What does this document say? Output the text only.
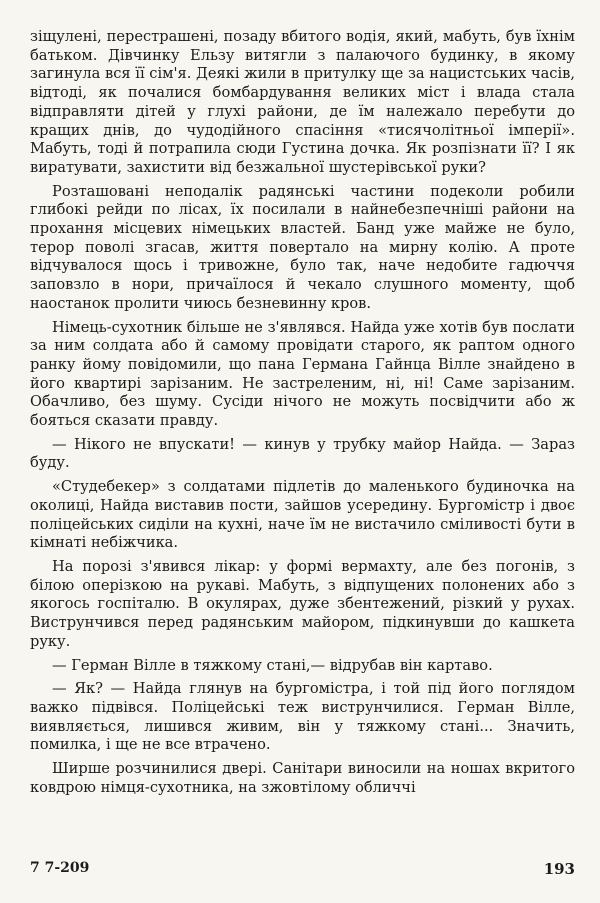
зіщулені, перестрашені, позаду вбитого водія, який, мабуть, був їхнім батьком. Дівчинку Ельзу витягли з палаючого будинку, в якому загинула вся її сім'я. Деякі жили в притулку ще за нацистських часів, відтоді, як почалися бомбардування великих міст і влада стала відправляти дітей у глухі райони, де їм належало перебути до кращих днів, до чудодійного спасіння «тисячолітньої імперії». Мабуть, тоді й потрапила сюди Густина дочка. Як розпізнати її? І як виратувати, захистити від безжальної шустерівської руки?

Розташовані неподалік радянські частини подеколи робили глибокі рейди по лісах, їх посилали в найнебезпечніші райони на прохання місцевих німецьких властей. Банд уже майже не було, терор поволі згасав, життя повертало на мирну колію. А проте відчувалося щось і тривожне, було так, наче недобите гадюччя заповзло в нори, причаїлося й чекало слушного моменту, щоб наостанок пролити чиюсь безневинну кров.

Німець-сухотник більше не з'являвся. Найда уже хотів був послати за ним солдата або й самому провідати старого, як раптом одного ранку йому повідомили, що пана Германа Гайнца Вілле знайдено в його квартирі зарізаним. Не застреленим, ні, ні! Саме зарізаним. Обачливо, без шуму. Сусіди нічого не можуть посвідчити або ж бояться сказати правду.

— Нікого не впускати! — кинув у трубку майор Найда. — Зараз буду.

«Студебекер» з солдатами підлетів до маленького будиночка на околиці, Найда виставив пости, зайшов усередину. Бургомістр і двоє поліцейських сиділи на кухні, наче їм не вистачило сміливості бути в кімнаті небіжчика.

На порозі з'явився лікар: у формі вермахту, але без погонів, з білою оперізкою на рукаві. Мабуть, з відпущених полонених або з якогось госпіталю. В окулярах, дуже збентежений, різкий у рухах. Виструнчився перед радянським майором, підкинувши до кашкета руку.

— Герман Вілле в тяжкому стані,— відрубав він картаво.

— Як? — Найда глянув на бургомістра, і той під його поглядом важко підвівся. Поліцейські теж виструнчилися. Герман Вілле, виявляється, лишився живим, він у тяжкому стані... Значить, помилка, і ще не все втрачено.

Ширше розчинилися двері. Санітари виносили на ношах вкритого ковдрою німця-сухотника, на зжовтілому обличчі

7 7-209	193
